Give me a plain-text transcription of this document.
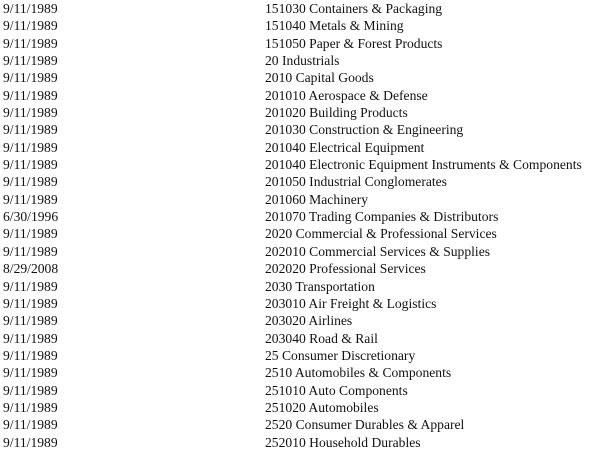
9/11/1989	151030 Containers & Packaging
9/11/1989	151040 Metals & Mining
9/11/1989	151050 Paper & Forest Products
9/11/1989	20 Industrials
9/11/1989	2010 Capital Goods
9/11/1989	201010 Aerospace & Defense
9/11/1989	201020 Building Products
9/11/1989	201030 Construction & Engineering
9/11/1989	201040 Electrical Equipment
9/11/1989	201040 Electronic Equipment Instruments & Components
9/11/1989	201050 Industrial Conglomerates
9/11/1989	201060 Machinery
6/30/1996	201070 Trading Companies & Distributors
9/11/1989	2020 Commercial & Professional Services
9/11/1989	202010 Commercial Services & Supplies
8/29/2008	202020 Professional Services
9/11/1989	2030 Transportation
9/11/1989	203010 Air Freight & Logistics
9/11/1989	203020 Airlines
9/11/1989	203040 Road & Rail
9/11/1989	25 Consumer Discretionary
9/11/1989	2510 Automobiles & Components
9/11/1989	251010 Auto Components
9/11/1989	251020 Automobiles
9/11/1989	2520 Consumer Durables & Apparel
9/11/1989	252010 Household Durables
